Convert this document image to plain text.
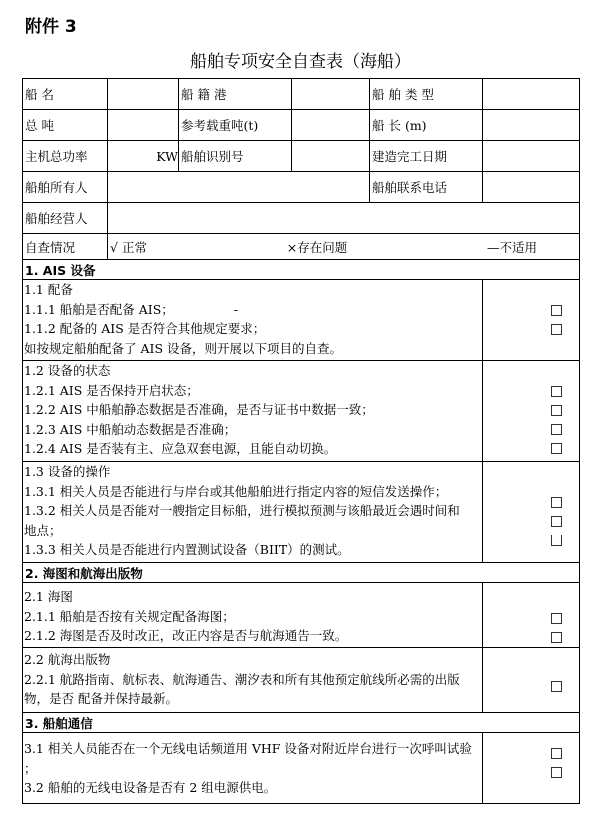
附件 3
船舶专项安全自查表（海船）
船 名		船 籍 港		船 舶 类 型	
总 吨		参考载重吨(t)		船 长 (m)	
主机总功率	KW	船舶识别号		建造完工日期	
船舶所有人				船舶联系电话	
船舶经营人					
自查情况	√ 正常 ×存在问题 —不适用				

1. AIS 设备					

1.1 配备
1.1.1 船舶是否配备 AIS； -
1.1.2 配备的 AIS 是否符合其他规定要求；
如按规定船舶配备了 AIS 设备，则开展以下项目的自查。					

1.2 设备的状态
1.2.1 AIS 是否保持开启状态；
1.2.2 AIS 中船舶静态数据是否准确，是否与证书中数据一致；
1.2.3 AIS 中船舶动态数据是否准确；
1.2.4 AIS 是否装有主、应急双套电源，且能自动切换。					

1.3 设备的操作
1.3.1 相关人员是否能进行与岸台或其他船舶进行指定内容的短信发送操作；
1.3.2 相关人员是否能对一艘指定目标船，进行模拟预测与该船最近会遇时间和
地点；
1.3.3 相关人员是否能进行内置测试设备（BIIT）的测试。					

2. 海图和航海出版物					

2.1 海图
2.1.1 船舶是否按有关规定配备海图；
2.1.2 海图是否及时改正，改正内容是否与航海通告一致。					

2.2 航海出版物
2.2.1 航路指南、航标表、航海通告、潮汐表和所有其他预定航线所必需的出版
物，是否 配备并保持最新。					

3. 船舶通信					

3.1 相关人员能否在一个无线电话频道用 VHF 设备对附近岸台进行一次呼叫试验
；
3.2 船舶的无线电设备是否有 2 组电源供电。					
